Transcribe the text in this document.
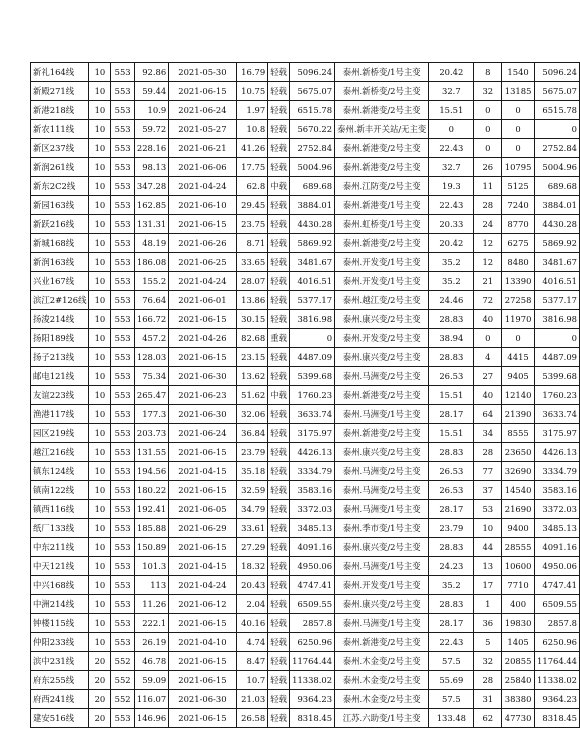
新礼164线	10	553	92.86	2021-05-30	16.79	轻载	5096.24	泰州.新桥变/1号主变	20.42	8	1540	5096.24
新殿271线	10	553	59.44	2021-06-15	10.75	轻载	5675.07	泰州.新桥变/2号主变	32.7	32	13185	5675.07
新港218线	10	553	10.9	2021-06-24	1.97	轻载	6515.78	泰州.新港变/2号主变	15.51	0	0	6515.78
新农111线	10	553	59.72	2021-05-27	10.8	轻载	5670.22	泰州.新丰开关站/无主变	0	0	0	0
新区237线	10	553	228.16	2021-06-21	41.26	轻载	2752.84	泰州.新港变/2号主变	22.43	0	0	2752.84
新润261线	10	553	98.13	2021-06-06	17.75	轻载	5004.96	泰州.新港变/2号主变	32.7	26	10795	5004.96
新东2C2线	10	553	347.28	2021-04-24	62.8	中载	689.68	泰州.江防变/2号主变	19.3	11	5125	689.68
新园163线	10	553	162.85	2021-06-10	29.45	轻载	3884.01	泰州.新港变/1号主变	22.43	28	7240	3884.01
新跃216线	10	553	131.31	2021-06-15	23.75	轻载	4430.28	泰州.虹桥变/1号主变	20.33	24	8770	4430.28
新城168线	10	553	48.19	2021-06-26	8.71	轻载	5869.92	泰州.新港变/2号主变	20.42	12	6275	5869.92
新润163线	10	553	186.08	2021-06-25	33.65	轻载	3481.67	泰州.开发变/1号主变	35.2	12	8480	3481.67
兴业167线	10	553	155.2	2021-04-24	28.07	轻载	4016.51	泰州.开发变/1号主变	35.2	21	13390	4016.51
滨江2#126线	10	553	76.64	2021-06-01	13.86	轻载	5377.17	泰州.越江变/2号主变	24.46	72	27258	5377.17
扬浚214线	10	553	166.72	2021-06-15	30.15	轻载	3816.98	泰州.康兴变/2号主变	28.83	40	11970	3816.98
扬阳189线	10	553	457.2	2021-04-26	82.68	重载	0	泰州.开发变/2号主变	38.94	0	0	0
扬子213线	10	553	128.03	2021-06-15	23.15	轻载	4487.09	泰州.康兴变/2号主变	28.83	4	4415	4487.09
邮电121线	10	553	75.34	2021-06-30	13.62	轻载	5399.68	泰州.马洲变/2号主变	26.53	27	9405	5399.68
友谊223线	10	553	265.47	2021-06-23	51.62	中载	1760.23	泰州.新港变/2号主变	15.51	40	12140	1760.23
渔港117线	10	553	177.3	2021-06-30	32.06	轻载	3633.74	泰州.马洲变/1号主变	28.17	64	21390	3633.74
园区219线	10	553	203.73	2021-06-24	36.84	轻载	3175.97	泰州.新港变/2号主变	15.51	34	8555	3175.97
越江216线	10	553	131.55	2021-06-15	23.79	轻载	4426.13	泰州.康兴变/2号主变	28.83	28	23650	4426.13
镇东124线	10	553	194.56	2021-04-15	35.18	轻载	3334.79	泰州.马洲变/2号主变	26.53	77	32690	3334.79
镇南122线	10	553	180.22	2021-06-15	32.59	轻载	3583.16	泰州.马洲变/2号主变	26.53	37	14540	3583.16
镇西116线	10	553	192.41	2021-06-05	34.79	轻载	3372.03	泰州.马洲变/1号主变	28.17	53	21690	3372.03
纸厂133线	10	553	185.88	2021-06-29	33.61	轻载	3485.13	泰州.季市变/1号主变	23.79	10	9400	3485.13
中东211线	10	553	150.89	2021-06-15	27.29	轻载	4091.16	泰州.康兴变/2号主变	28.83	44	28555	4091.16
中天121线	10	553	101.3	2021-04-15	18.32	轻载	4950.06	泰州.马洲变/1号主变	24.23	13	10600	4950.06
中兴168线	10	553	113	2021-04-24	20.43	轻载	4747.41	泰州.开发变/1号主变	35.2	17	7710	4747.41
中洲214线	10	553	11.26	2021-06-12	2.04	轻载	6509.55	泰州.康兴变/2号主变	28.83	1	400	6509.55
钟楼115线	10	553	222.1	2021-06-15	40.16	轻载	2857.8	泰州.马洲变/1号主变	28.17	36	19830	2857.8
仲阳233线	10	553	26.19	2021-04-10	4.74	轻载	6250.96	泰州.新港变/2号主变	22.43	5	1405	6250.96
滨中231线	20	552	46.78	2021-06-15	8.47	轻载	11764.44	泰州.木金变/2号主变	57.5	32	20855	11764.44
府东255线	20	552	59.09	2021-06-15	10.7	轻载	11338.02	泰州.木金变/2号主变	55.69	28	25840	11338.02
府西241线	20	552	116.07	2021-06-30	21.03	轻载	9364.23	泰州.木金变/2号主变	57.5	31	38380	9364.23
建安516线	20	553	146.96	2021-06-15	26.58	轻载	8318.45	江苏.六助变/1号主变	133.48	62	47730	8318.45
